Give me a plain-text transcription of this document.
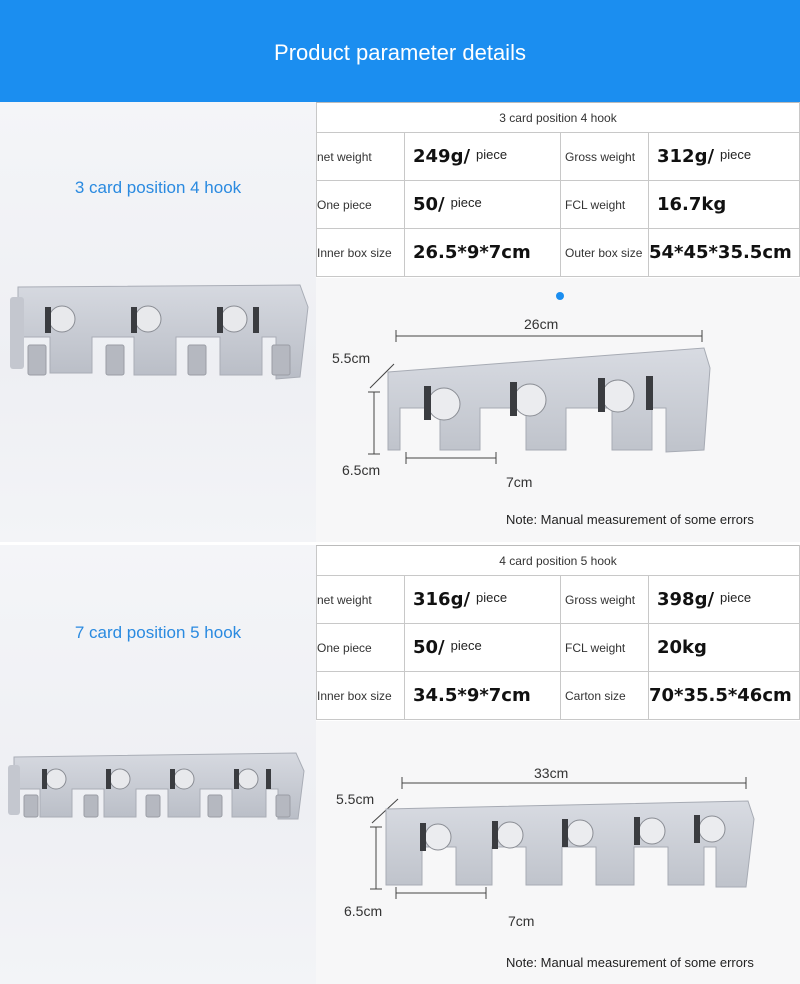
Product parameter details
3 card position 4 hook
3 card position 4 hook			
net weight	249g/ piece	Gross weight	312g/ piece
One piece	50/ piece	FCL weight	16.7kg
Inner box size	26.5*9*7cm	Outer box size	54*45*35.5cm
26cm
5.5cm
6.5cm
7cm
Note: Manual measurement of some errors
7 card position 5 hook
4 card position 5 hook			
net weight	316g/ piece	Gross weight	398g/ piece
One piece	50/ piece	FCL weight	20kg
Inner box size	34.5*9*7cm	Carton size	70*35.5*46cm
33cm
5.5cm
6.5cm
7cm
Note: Manual measurement of some errors
